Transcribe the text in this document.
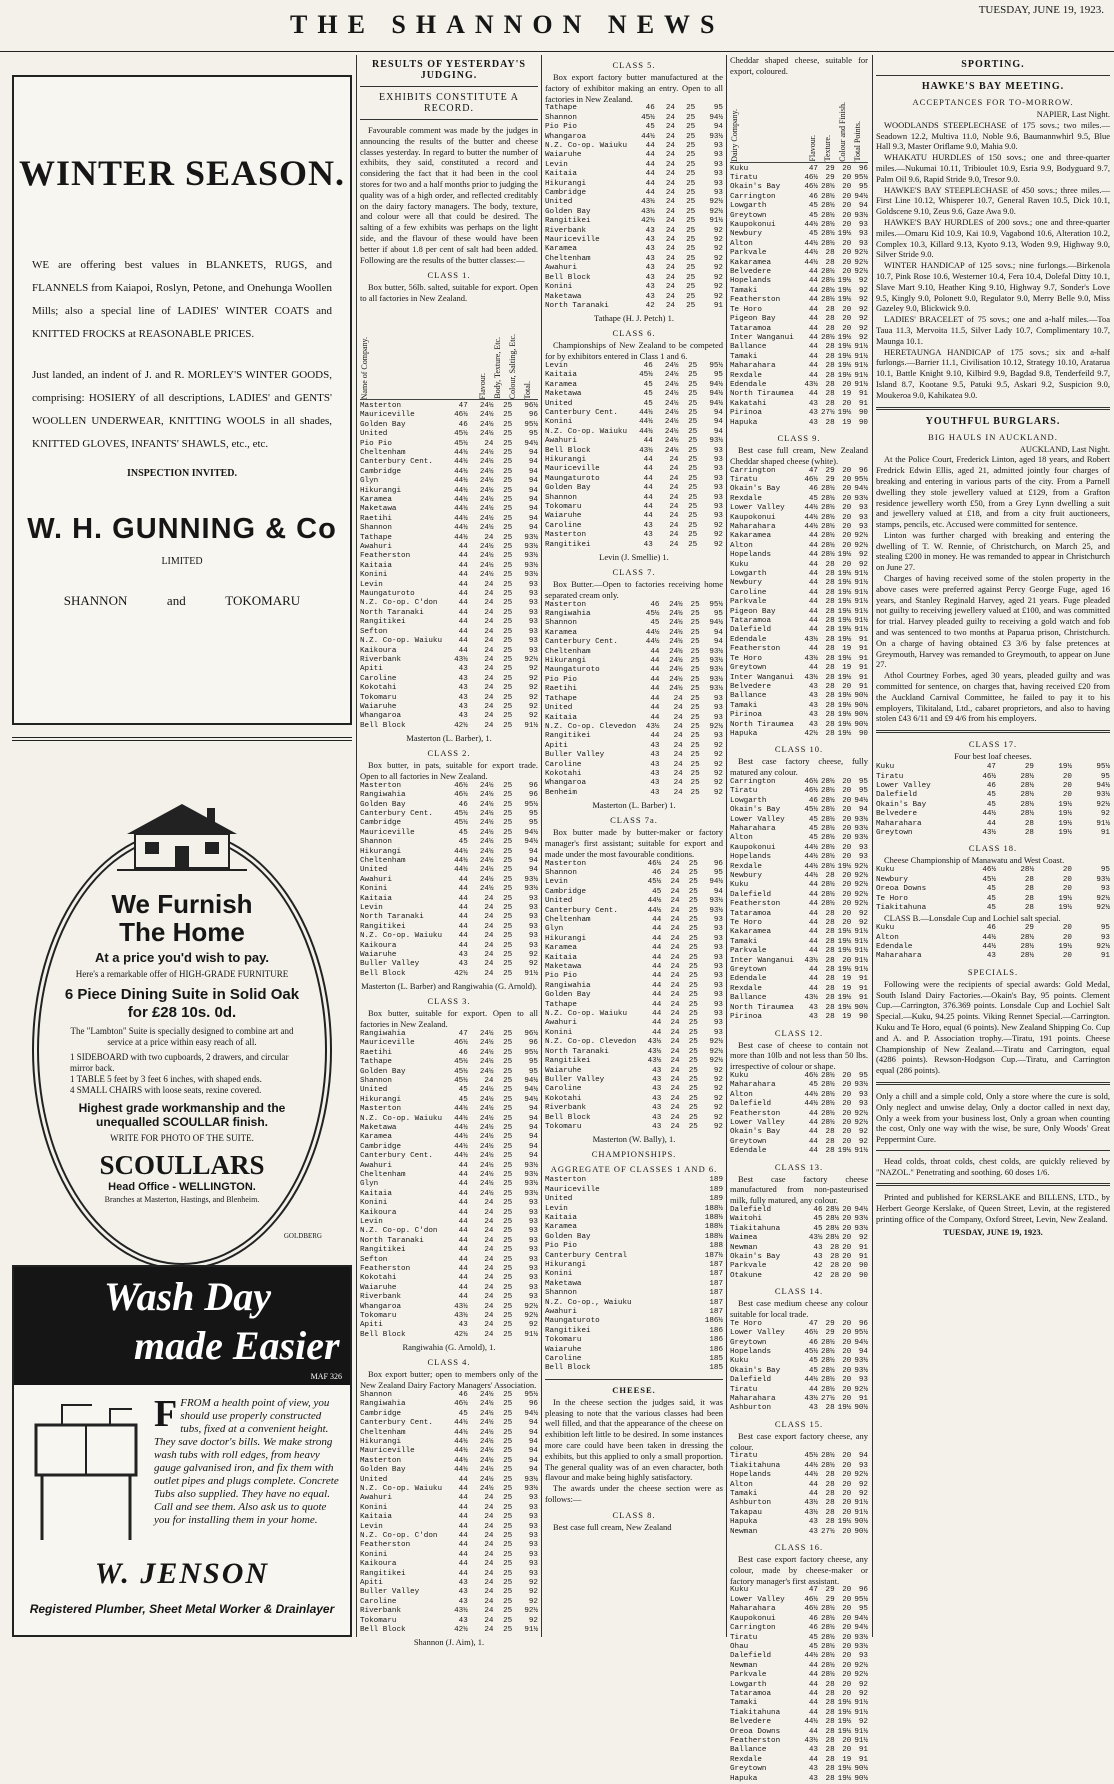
THE SHANNON NEWS	TUESDAY, JUNE 19, 1923.
WINTER SEASON.

WE are offering best values in BLANKETS, RUGS, and FLANNELS from Kaiapoi, Roslyn, Petone, and Onehunga Woollen Mills; also a special line of LADIES' WINTER COATS and KNITTED FROCKS at REASONABLE PRICES.

Just landed, an indent of J. and R. MORLEY'S WINTER GOODS, comprising: HOSIERY of all descriptions, LADIES' and GENTS' WOOLLEN UNDERWEAR, KNITTING WOOLS in all shades, KNITTED GLOVES, INFANTS' SHAWLS, etc., etc.

INSPECTION INVITED.
W. H. GUNNING & Co
LIMITED
SHANNON	and	TOKOMARU
We Furnish
The Home
At a price you'd wish to pay.
Here's a remarkable offer of HIGH-GRADE FURNITURE
6 Piece Dining Suite in Solid Oak for £28 10s. 0d.
The "Lambton" Suite is specially designed to combine art and service at a price within easy reach of all.
1 SIDEBOARD with two cupboards, 2 drawers, and circular mirror back.
1 TABLE 5 feet by 3 feet 6 inches, with shaped ends.
4 SMALL CHAIRS with loose seats, rexine covered.
Highest grade workmanship and the unequalled SCOULLAR finish.
WRITE FOR PHOTO OF THE SUITE.
SCOULLARS
Head Office - WELLINGTON.
Branches at Masterton, Hastings, and Blenheim.
GOLDBERG
Wash Day
made Easier
MAF 326
FFROM a health point of view, you should use properly constructed tubs, fixed at a convenient height. They save doctor's bills. We make strong wash tubs with roll edges, from heavy gauge galvanised iron, and fix them with outlet pipes and plugs complete. Concrete Tubs also supplied. They have no equal. Call and see them. Also ask us to quote you for installing them in your home.
W. JENSON
Registered Plumber, Sheet Metal Worker & Drainlayer
RESULTS OF YESTERDAY'S JUDGING.
EXHIBITS CONSTITUTE A RECORD.

Favourable comment was made by the judges in announcing the results of the butter and cheese classes yesterday. In regard to butter the number of exhibits, they said, constituted a record and considering the fact that it had been in the cool stores for two and a half months prior to judging the quality was of a high order, and reflected creditably on the dairy factory managers. The body, texture, and colour were all that could be desired. The salting of a few exhibits was perhaps on the light side, and the flavour of these would have been better if about 1.8 per cent of salt had been added. Following are the results of the butter classes:—

CLASS 1.

Box butter, 56lb. salted, suitable for export. Open to all factories in New Zealand.

Name of Company.	Flavour. Body, Texture, Etc. Colour, Salting, Etc. Total.
Masterton	47	24½	25	96½
Mauriceville	46½	24½	25	96
Golden Bay	46	24½	25	95½
United	45½	24½	25	95
Pio Pio	45½	24	25	94½
Cheltenham	44½	24½	25	94
Canterbury Cent.	44½	24½	25	94
Cambridge	44½	24½	25	94
Glyn	44½	24½	25	94
Hikurangi	44½	24½	25	94
Karamea	44½	24½	25	94
Maketawa	44½	24½	25	94
Raetihi	44½	24½	25	94
Shannon	44½	24½	25	94
Tathape	44½	24	25	93½
Awahuri	44	24½	25	93½
Featherston	44	24½	25	93½
Kaitaia	44	24½	25	93½
Konini	44	24½	25	93½
Levin	44	24	25	93
Maungaturoto	44	24	25	93
N.Z. Co-op. C'don	44	24	25	93
North Taranaki	44	24	25	93
Rangitikei	44	24	25	93
Sefton	44	24	25	93
N.Z. Co-op. Waiuku	44	24	25	93
Kaikoura	44	24	25	93
Riverbank	43½	24	25	92½
Apiti	43	24	25	92
Caroline	43	24	25	92
Kokotahi	43	24	25	92
Tokomaru	43	24	25	92
Waiaruhe	43	24	25	92
Whangaroa	43	24	25	92
Bell Block	42½	24	25	91½
Masterton (L. Barber), 1.
CLASS 2.

Box butter, in pats, suitable for export trade. Open to all factories in New Zealand.

Masterton	46½	24½	25	96
Rangiwahia	46½	24½	25	96
Golden Bay	46	24½	25	95½
Canterbury Cent.	45½	24½	25	95
Cambridge	45½	24½	25	95
Mauriceville	45	24½	25	94½
Shannon	45	24½	25	94½
Hikurangi	44½	24½	25	94
Cheltenham	44½	24½	25	94
United	44½	24½	25	94
Awahuri	44	24½	25	93½
Konini	44	24½	25	93½
Kaitaia	44	24	25	93
Levin	44	24	25	93
North Taranaki	44	24	25	93
Rangitikei	44	24	25	93
N.Z. Co-op. Waiuku	44	24	25	93
Kaikoura	44	24	25	93
Waiaruhe	43	24	25	92
Buller Valley	43	24	25	92
Bell Block	42½	24	25	91½
Masterton (L. Barber) and Rangiwahia (G. Arnold).
CLASS 3.

Box butter, suitable for export. Open to all factories in New Zealand.

Rangiwahia	47	24½	25	96½
Mauriceville	46½	24½	25	96
Raetihi	46	24½	25	95½
Tathape	45½	24½	25	95
Golden Bay	45½	24½	25	95
Shannon	45½	24	25	94½
United	45	24½	25	94½
Hikurangi	45	24½	25	94½
Masterton	44½	24½	25	94
N.Z. Co-op. Waiuku	44½	24½	25	94
Maketawa	44½	24½	25	94
Karamea	44½	24½	25	94
Cambridge	44½	24½	25	94
Canterbury Cent.	44½	24½	25	94
Awahuri	44	24½	25	93½
Cheltenham	44	24½	25	93½
Glyn	44	24½	25	93½
Kaitaia	44	24½	25	93½
Konini	44	24	25	93
Kaikoura	44	24	25	93
Levin	44	24	25	93
N.Z. Co-op. C'don	44	24	25	93
North Taranaki	44	24	25	93
Rangitikei	44	24	25	93
Sefton	44	24	25	93
Featherston	44	24	25	93
Kokotahi	44	24	25	93
Waiaruhe	44	24	25	93
Riverbank	44	24	25	93
Whangaroa	43½	24	25	92½
Tokomaru	43½	24	25	92½
Apiti	43	24	25	92
Bell Block	42½	24	25	91½
Rangiwahia (G. Arnold), 1.
CLASS 4.

Box export butter; open to members only of the New Zealand Dairy Factory Managers' Association.

Shannon	46	24½	25	95½
Rangiwahia	46½	24½	25	96
Cambridge	45	24½	25	94½
Canterbury Cent.	44½	24½	25	94
Cheltenham	44½	24½	25	94
Hikurangi	44½	24½	25	94
Mauriceville	44½	24½	25	94
Masterton	44½	24½	25	94
Golden Bay	44½	24½	25	94
United	44	24½	25	93½
N.Z. Co-op. Waiuku	44	24½	25	93½
Awahuri	44	24	25	93
Konini	44	24	25	93
Kaitaia	44	24	25	93
Levin	44	24	25	93
N.Z. Co-op. C'don	44	24	25	93
Featherston	44	24	25	93
Konini	44	24	25	93
Kaikoura	44	24	25	93
Rangitikei	44	24	25	93
Apiti	43	24	25	92
Buller Valley	43	24	25	92
Caroline	43	24	25	92
Riverbank	43½	24	25	92½
Tokomaru	43	24	25	92
Bell Block	42½	24	25	91½
Shannon (J. Aim), 1.
CLASS 5.

Box export factory butter manufactured at the factory of exhibitor making an entry. Open to all factories in New Zealand.

Tathape	46	24	25	95
Shannon	45½	24	25	94½
Pio Pio	45	24	25	94
Whangaroa	44½	24	25	93½
N.Z. Co-op. Waiuku	44	24	25	93
Waiaruhe	44	24	25	93
Levin	44	24	25	93
Kaitaia	44	24	25	93
Hikurangi	44	24	25	93
Cambridge	44	24	25	93
United	43½	24	25	92½
Golden Bay	43½	24	25	92½
Rangitikei	42½	24	25	91½
Riverbank	43	24	25	92
Mauriceville	43	24	25	92
Karamea	43	24	25	92
Cheltenham	43	24	25	92
Awahuri	43	24	25	92
Bell Block	43	24	25	92
Konini	43	24	25	92
Maketawa	43	24	25	92
North Taranaki	42	24	25	91
Tathape (H. J. Petch) 1.
CLASS 6.

Championships of New Zealand to be competed for by exhibitors entered in Class 1 and 6.

Levin	46	24½	25	95½
Kaitaia	45½	24½	25	95
Karamea	45	24½	25	94½
Maketawa	45	24½	25	94½
United	45	24½	25	94½
Canterbury Cent.	44½	24½	25	94
Konini	44½	24½	25	94
N.Z. Co-op. Waiuku	44½	24½	25	94
Awahuri	44	24½	25	93½
Bell Block	43½	24½	25	93
Hikurangi	44	24	25	93
Mauriceville	44	24	25	93
Maungaturoto	44	24	25	93
Golden Bay	44	24	25	93
Shannon	44	24	25	93
Tokomaru	44	24	25	93
Waiaruhe	44	24	25	93
Caroline	43	24	25	92
Masterton	43	24	25	92
Rangitikei	43	24	25	92
Levin (J. Smellie) 1.
CLASS 7.

Box Butter.—Open to factories receiving home separated cream only.

Masterton	46	24½	25	95½
Rangiwahia	45½	24½	25	95
Shannon	45	24½	25	94½
Karamea	44½	24½	25	94
Canterbury Cent.	44½	24½	25	94
Cheltenham	44	24½	25	93½
Hikurangi	44	24½	25	93½
Maungaturoto	44	24½	25	93½
Pio Pio	44	24½	25	93½
Raetihi	44	24½	25	93½
Tathape	44	24	25	93
United	44	24	25	93
Kaitaia	44	24	25	93
N.Z. Co-op. Clevedon	43½	24	25	92½
Rangitikei	44	24	25	93
Apiti	43	24	25	92
Buller Valley	43	24	25	92
Caroline	43	24	25	92
Kokotahi	43	24	25	92
Whangaroa	43	24	25	92
Benheim	43	24	25	92
Masterton (L. Barber) 1.
CLASS 7a.

Box butter made by butter-maker or factory manager's first assistant; suitable for export and made under the most favourable conditions.

Masterton	46½	24	25	96
Shannon	46	24	25	95
Levin	45½	24	25	94½
Cambridge	45	24	25	94
United	44½	24	25	93½
Canterbury Cent.	44½	24	25	93½
Cheltenham	44	24	25	93
Glyn	44	24	25	93
Hikurangi	44	24	25	93
Karamea	44	24	25	93
Kaitaia	44	24	25	93
Maketawa	44	24	25	93
Pio Pio	44	24	25	93
Rangiwahia	44	24	25	93
Golden Bay	44	24	25	93
Tathape	44	24	25	93
N.Z. Co-op. Waiuku	44	24	25	93
Awahuri	44	24	25	93
Konini	44	24	25	93
N.Z. Co-op. Clevedon	43½	24	25	92½
North Taranaki	43½	24	25	92½
Rangitikei	43½	24	25	92½
Waiaruhe	43	24	25	92
Buller Valley	43	24	25	92
Caroline	43	24	25	92
Kokotahi	43	24	25	92
Riverbank	43	24	25	92
Bell Block	43	24	25	92
Tokomaru	43	24	25	92
Masterton (W. Bally), 1.
CHAMPIONSHIPS.
AGGREGATE OF CLASSES 1 AND 6.
Masterton	189
Mauriceville	189
United	189
Levin	188½
Kaitaia	188½
Karamea	188½
Golden Bay	188½
Pio Pio	188
Canterbury Central	187½
Hikurangi	187
Konini	187
Maketawa	187
Shannon	187
N.Z. Co-op., Waiuku	187
Awahuri	187
Maungaturoto	186½
Rangitikei	186
Tokomaru	186
Waiaruhe	186
Caroline	185
Bell Block	185
CHEESE.

In the cheese section the judges said, it was pleasing to note that the various classes had been well filled, and that the appearance of the cheese on exhibition left little to be desired. In some instances more care could have been taken in dressing the exhibits, but this applied to only a small proportion. The general quality was of an even character, both flavour and make being highly satisfactory.

The awards under the cheese section were as follows:—

CLASS 8.

Best case full cream, New Zealand

Cheddar shaped cheese, suitable for export, coloured.

Dairy Company.	Flavour. Texture. Colour and Finish. Total Points.
Kuku	47	29	20	96
Tiratu	46½	29	20	95½
Okain's Bay	46½	28½	20	95
Carrington	46	28½	20	94½
Lowgarth	45	28½	20	94
Greytown	45	28½	20	93½
Kaupokonui	44½	28½	20	93
Newbury	45	28½	19½	93
Alton	44½	28½	20	93
Parkvale	44½	28	20	92½
Kakaramea	44½	28	20	92½
Belvedere	44	28½	20	92½
Hopelands	44	28½	19½	92
Tamaki	44	28½	19½	92
Featherston	44	28½	19½	92
Te Horo	44	28	20	92
Pigeon Bay	44	28	20	92
Tataramoa	44	28	20	92
Inter Wanganui	44	28½	19½	92
Ballance	44	28	19½	91½
Tamaki	44	28	19½	91½
Maharahara	44	28	19½	91½
Rexdale	44	28	19½	91½
Edendale	43½	28	20	91½
North Tiraumea	44	28	19	91
Kakatahi	43	28	20	91
Pirinoa	43	27½	19½	90
Hapuka	43	28	19	90
CLASS 9.

Best case full cream, New Zealand Cheddar shaped cheese (white).

Carrington	47	29	20	96
Tiratu	46½	29	20	95½
Okain's Bay	46	28½	20	94½
Rexdale	45	28½	20	93½
Lower Valley	44½	28½	20	93
Kaupokonui	44½	28½	20	93
Maharahara	44½	28½	20	93
Kakaramea	44	28½	20	92½
Alton	44	28½	20	92½
Hopelands	44	28½	19½	92
Kuku	44	28	20	92
Lowgarth	44	28	19½	91½
Newbury	44	28	19½	91½
Caroline	44	28	19½	91½
Parkvale	44	28	19½	91½
Pigeon Bay	44	28	19½	91½
Tataramoa	44	28	19½	91½
Dalefield	44	28	19½	91½
Edendale	43½	28	19½	91
Featherston	44	28	19	91
Te Horo	43½	28	19½	91
Greytown	44	28	19	91
Inter Wanganui	43½	28	19½	91
Belvedere	43	28	20	91
Ballance	43	28	19½	90½
Tamaki	43	28	19½	90½
Pirinoa	43	28	19½	90½
North Tiraumea	43	28	19½	90½
Hapuka	42½	28	19½	90
CLASS 10.

Best case factory cheese, fully matured any colour.

Carrington	46½	28½	20	95
Tiratu	46½	28½	20	95
Lowgarth	46	28½	20	94½
Okain's Bay	45½	28½	20	94
Lower Valley	45	28½	20	93½
Maharahara	45	28½	20	93½
Alton	45	28½	20	93½
Kaupokonui	44½	28½	20	93
Hopelands	44½	28½	20	93
Rexdale	44½	28½	19½	92½
Newbury	44½	28	20	92½
Kuku	44	28½	20	92½
Dalefield	44	28½	20	92½
Featherston	44	28½	20	92½
Tataramoa	44	28	20	92
Te Horo	44	28	20	92
Kakaramea	44	28	19½	91½
Tamaki	44	28	19½	91½
Parkvale	44	28	19½	91½
Inter Wanganui	43½	28	20	91½
Greytown	44	28	19½	91½
Edendale	44	28	19	91
Rexdale	44	28	19	91
Ballance	43½	28	19½	91
North Tiraumea	43	28	19½	90½
Pirinoa	43	28	19	90
CLASS 12.

Best case of cheese to contain not more than 10lb and not less than 50 lbs. irrespective of colour or shape.

Kuku	46½	28½	20	95
Maharahara	45	28½	20	93½
Alton	44½	28½	20	93
Dalefield	44½	28½	20	93
Featherston	44	28½	20	92½
Lower Valley	44	28½	20	92½
Okain's Bay	44	28	20	92
Greytown	44	28	20	92
Edendale	44	28	19½	91½
CLASS 13.

Best case factory cheese manufactured from non-pasteurised milk, fully matured, any colour.

Dalefield	46	28½	20	94½
Waitohi	45	28½	20	93½
Tiakitahuna	45	28½	20	93½
Waimea	43½	28½	20	92
Newman	43	28	20	91
Okain's Bay	43	28	20	91
Parkvale	42	28	20	90
Otakune	42	28	20	90
CLASS 14.

Best case medium cheese any colour suitable for local trade.

Te Horo	47	29	20	96
Lower Valley	46½	29	20	95½
Greytown	46	28½	20	94½
Hopelands	45½	28½	20	94
Kuku	45	28½	20	93½
Okain's Bay	45	28½	20	93½
Dalefield	44½	28½	20	93
Tiratu	44	28½	20	92½
Maharahara	43½	27½	20	91
Ashburton	43	28	19½	90½
CLASS 15.

Best case export factory cheese, any colour.

Tiratu	45½	28½	20	94
Tiakitahuna	44½	28½	20	93
Hopelands	44½	28	20	92½
Alton	44	28	20	92
Tamaki	44	28	20	92
Ashburton	43½	28	20	91½
Takapau	43½	28	20	91½
Hapuka	43	28	19½	90½
Newman	43	27½	20	90½
CLASS 16.

Best case export factory cheese, any colour, made by cheese-maker or factory manager's first assistant.

Kuku	47	29	20	96
Lower Valley	46½	29	20	95½
Maharahara	46½	28½	20	95
Kaupokonui	46	28½	20	94½
Carrington	46	28½	20	94½
Tiratu	45	28½	20	93½
Ohau	45	28½	20	93½
Dalefield	44½	28½	20	93
Newman	44	28½	20	92½
Parkvale	44	28½	20	92½
Lowgarth	44	28	20	92
Tataramoa	44	28	20	92
Tamaki	44	28	19½	91½
Tiakitahuna	44	28	19½	91½
Belvedere	44½	28	19½	92
Oreoa Downs	44	28	19½	91½
Featherston	43½	28	20	91½
Ballance	43	28	20	91
Rexdale	44	28	19	91
Greytown	43	28	19½	90½
Hapuka	43	28	19½	90½
SPORTING.
HAWKE'S BAY MEETING.
ACCEPTANCES FOR TO-MORROW.
NAPIER, Last Night.

WOODLANDS STEEPLECHASE of 175 sovs.; two miles.—Seadown 12.2, Multiva 11.0, Noble 9.6, Baumannwhirl 9.5, Blue Hall 9.3, Master Oriflame 9.0, Mahia 9.0.

WHAKATU HURDLES of 150 sovs.; one and three-quarter miles.—Nukumai 10.11, Tribioulet 10.9, Esria 9.9, Bodyguard 9.7, Palm Oil 9.6, Rapid Stride 9.0, Tresor 9.0.

HAWKE'S BAY STEEPLECHASE of 450 sovs.; three miles.—First Line 10.12, Whisperer 10.7, General Raven 10.5, Dick 10.1, Goldscene 9.10, Zeus 9.6, Gaze Awa 9.0.

HAWKE'S BAY HURDLES of 200 sovs.; one and three-quarter miles.—Omaru Kid 10.9, Kai 10.9, Vagabond 10.6, Alteration 10.2, Complex 10.3, Killard 9.13, Kyoto 9.13, Woden 9.9, Highway 9.0, Silver Stride 9.0.

WINTER HANDICAP of 125 sovs.; nine furlongs.—Birkenola 10.7, Pink Rose 10.6, Westerner 10.4, Fera 10.4, Dolefal Ditty 10.1, Slave Mart 9.10, Heather King 9.10, Highway 9.7, Sonder's Love 9.5, Kingly 9.0, Polonett 9.0, Regulator 9.0, Merry Belle 9.0, Miss Gazeley 9.0, Blickwick 9.0.

LADIES' BRACELET of 75 sovs.; one and a-half miles.—Toa Taua 11.3, Mervoita 11.5, Silver Lady 10.7, Complimentary 10.7, Maunga 10.1.

HERETAUNGA HANDICAP of 175 sovs.; six and a-half furlongs.—Barrier 11.1, Civilisation 10.12, Strategy 10.10, Aratarua 10.1, Battle Knight 9.10, Kilbird 9.9, Bagdad 9.8, Tenderfeild 9.7, Island 8.7, Kootane 9.5, Patuki 9.5, Askari 9.2, Suspicion 9.0, Moukeroa 9.0, Kahikatea 9.0.

YOUTHFUL BURGLARS.
BIG HAULS IN AUCKLAND.
AUCKLAND, Last Night.

At the Police Court, Frederick Linton, aged 18 years, and Robert Fredrick Edwin Ellis, aged 21, admitted jointly four charges of breaking and entering in various parts of the city. From a Parnell dwelling they stole jewellery valued at £129, from a Grafton residence jewellery worth £50, from a Grey Lynn dwelling a suit and jewellery valued at £18, and from a city fruit auctioneers, stamps, pencils, etc. Accused were committed for sentence.

Linton was further charged with breaking and entering the dwelling of T. W. Rennie, of Christchurch, on March 25, and stealing £200 in money. He was remanded to appear in Christchurch on June 27.

Charges of having received some of the stolen property in the above cases were preferred against Percy George Fuge, aged 16 years, and Stanley Reginald Harvey, aged 21 years. Fuge pleaded not guilty to receiving jewellery valued at £100, and was committed for trial. Harvey pleaded guilty to receiving a gold watch and fob and was sentenced to two months at Paparua prison, Christchurch. On a charge of having obtained £3 3/6 by false pretences at Greymouth, Harvey was remanded to Greymouth, to appear on June 27.

Athol Courtney Forbes, aged 30 years, pleaded guilty and was committed for sentence, on charges that, having received £20 from the Auckland Carnival Committee, he failed to pay it to his employers, Tikitaland, Ltd., cabaret proprietors, and also to having stolen £43 6/11 and £9 4/6 from his employers.

CLASS 17.
Four best loaf cheeses.
Kuku	47	29	19½	95½
Tiratu	46½	28½	20	95
Lower Valley	46	28½	20	94½
Dalefield	45	28½	20	93½
Okain's Bay	45	28½	19½	92½
Belvedere	44½	28½	19½	92
Maharahara	44	28	19½	91½
Greytown	43½	28	19½	91
CLASS 18.

Cheese Championship of Manawatu and West Coast.

Kuku	46½	28½	20	95
Newbury	45½	28	20	93½
Oreoa Downs	45	28	20	93
Te Horo	45	28	19½	92½
Tiakitahuna	45	28	19½	92½

CLASS B.—Lonsdale Cup and Lochiel salt special.

Kuku	46	29	20	95
Alton	44½	28½	20	93
Edendale	44½	28½	19½	92½
Maharahara	43	28½	20	91
SPECIALS.

Following were the recipients of special awards: Gold Medal, South Island Dairy Factories.—Okain's Bay, 95 points. Clement Cup.—Carrington, 376.369 points. Lonsdale Cup and Lochiel Salt Special.—Kuku, 94.25 points. Viking Rennet Special.—Carrington. Kuku and Te Horo, equal (6 points). New Zealand Shipping Co. Cup and A. and P. Association trophy.—Tiratu, 191 points. Cheese Championship of New Zealand.—Tiratu and Carrington, equal (4286 points). Rewson-Hodgson Cup.—Tiratu, and Carrington equal (286 points).

Only a chill and a simple cold, Only a store where the cure is sold, Only neglect and unwise delay, Only a doctor called in next day, Only a week from your business lost, Only a groan when counting the cost, Only one way with the wise, be sure, Only Woods' Great Peppermint Cure.

Head colds, throat colds, chest colds, are quickly relieved by "NAZOL." Penetrating and soothing. 60 doses 1/6.

Printed and published for KERSLAKE and BILLENS, LTD., by Herbert George Kerslake, of Queen Street, Levin, at the registered printing office of the Company, Oxford Street, Levin, New Zealand.

TUESDAY, JUNE 19, 1923.
